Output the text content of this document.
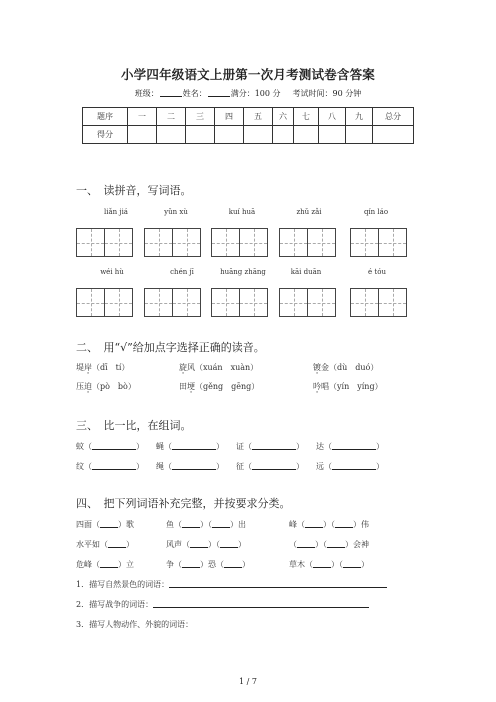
小学四年级语文上册第一次月考测试卷含答案
班级：	姓名：	满分：100 分 考试时间：90 分钟
题序	一	二	三	四	五	六	七	八	九	总分
得分										
一、　读拼音，写词语。
liǎn jiá	yǔn xù	kuí huā	zhǔ zǎi	qín láo
wéi hù	chén jī	huāng zhāng	kāi duān	é tóu
二、　用“√”给加点字选择正确的读音。
堤岸（dī　tí）	旋风（xuán　xuàn）	镀金（dù　duó）
压迫（pò　bò）	田埂（gěng　gēng）	吟唱（yín　yíng）
三、　比一比，在组词。
蚊（	） 蝇（	） 证（	） 达（	）
纹（	） 绳（	） 征（	） 远（	）
四、　把下列词语补充完整，并按要求分类。
四面（ ）歌	鱼（ ）（ ）出	峰（ ）（ ）伟
水平如（ ）	风声（ ）（ ）	（ ）（ ）会神
危峰（ ）立	争（ ）恐（ ）	草木（ ）（ ）
1．描写自然景色的词语：
2．描写战争的词语：
3．描写人物动作、外貌的词语：
1 / 7
